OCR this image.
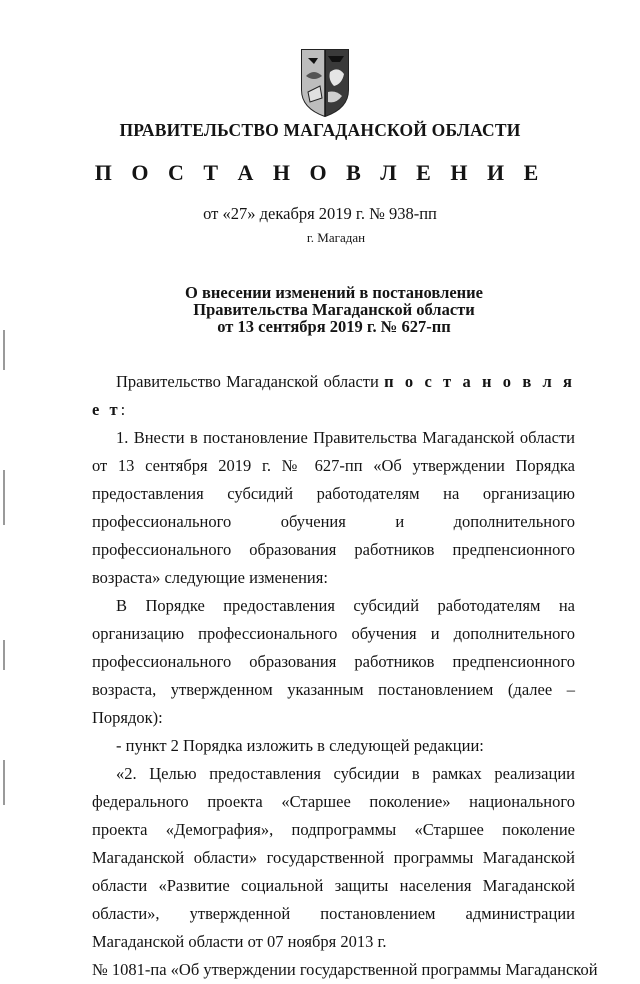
ПРАВИТЕЛЬСТВО МАГАДАНСКОЙ ОБЛАСТИ
П О С Т А Н О В Л Е Н И Е
от «27» декабря 2019 г. № 938-пп
г. Магадан
О внесении изменений в постановление
Правительства Магаданской области
от 13 сентября 2019 г. № 627-пп

Правительство Магаданской области п о с т а н о в л я е т:

1. Внести в постановление Правительства Магаданской области от 13 сентября 2019 г. № 627-пп «Об утверждении Порядка предоставления субсидий работодателям на организацию профессионального обучения и дополнительного профессионального образования работников предпенсионного возраста» следующие изменения:

В Порядке предоставления субсидий работодателям на организацию профессионального обучения и дополнительного профессионального образования работников предпенсионного возраста, утвержденном указанным постановлением (далее – Порядок):

- пункт 2 Порядка изложить в следующей редакции:

«2. Целью предоставления субсидии в рамках реализации федерального проекта «Старшее поколение» национального проекта «Демография», подпрограммы «Старшее поколение Магаданской области» государственной программы Магаданской области «Развитие социальной защиты населения Магаданской области», утвержденной постановлением администрации Магаданской области от 07 ноября 2013 г.

№ 1081-па «Об утверждении государственной программы Магаданской
